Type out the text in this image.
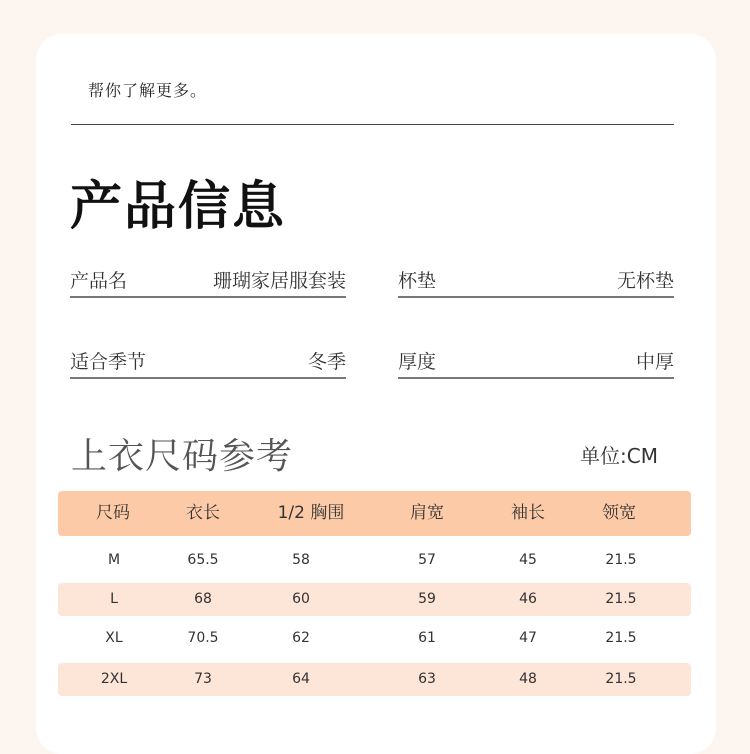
帮你了解更多。
产品信息
产品名	珊瑚家居服套装	杯垫	无杯垫
适合季节	冬季	厚度	中厚
上衣尺码参考	单位:CM
尺码	衣长	1/2 胸围	肩宽	袖长	领宽
M	65.5	58	57	45	21.5
L	68	60	59	46	21.5
XL	70.5	62	61	47	21.5
2XL	73	64	63	48	21.5
